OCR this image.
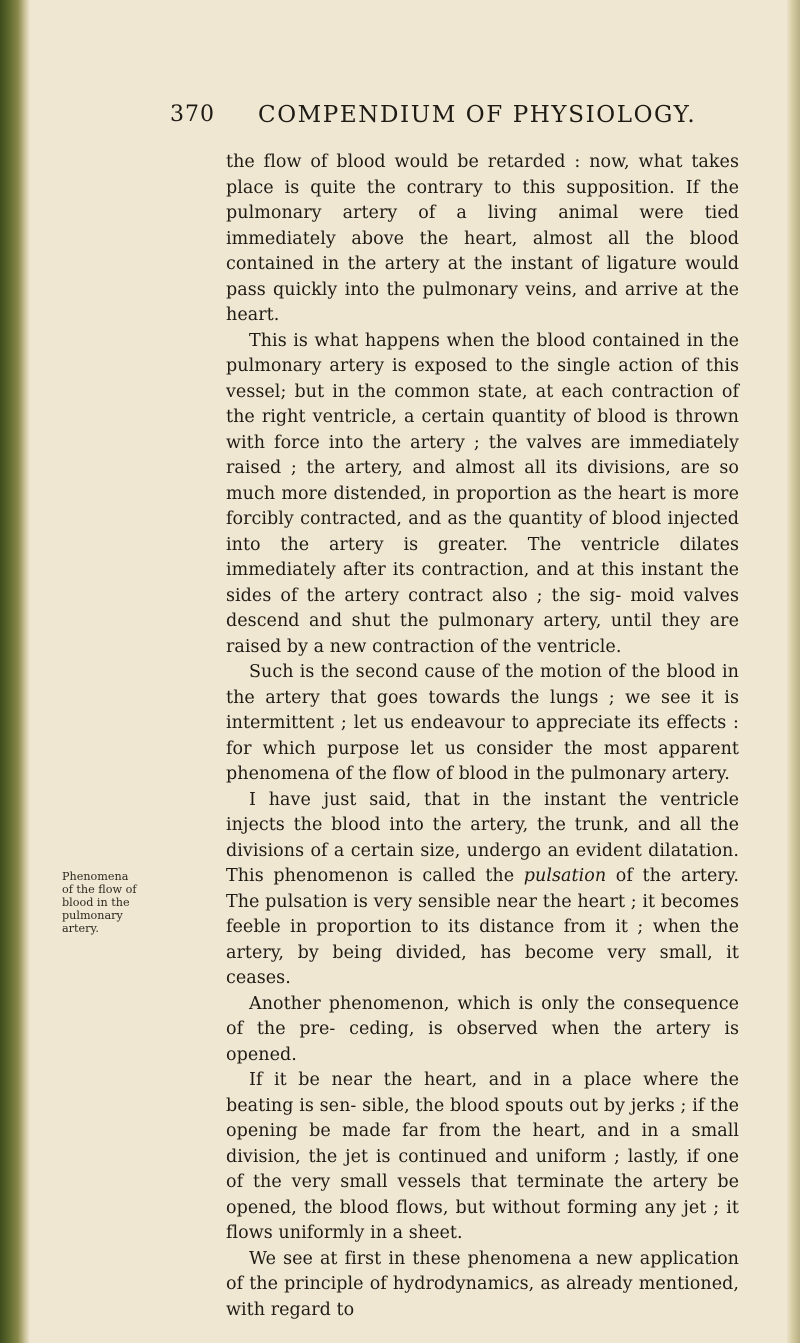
370 COMPENDIUM OF PHYSIOLOGY.
Phenomena of the flow of blood in the pulmonary artery.

the flow of blood would be retarded : now, what takes place is quite the contrary to this supposition. If the pulmonary artery of a living animal were tied immediately above the heart, almost all the blood contained in the artery at the instant of ligature would pass quickly into the pulmonary veins, and arrive at the heart.

This is what happens when the blood contained in the pulmonary artery is exposed to the single action of this vessel; but in the common state, at each contraction of the right ventricle, a certain quantity of blood is thrown with force into the artery ; the valves are immediately raised ; the artery, and almost all its divisions, are so much more distended, in proportion as the heart is more forcibly contracted, and as the quantity of blood injected into the artery is greater. The ventricle dilates immediately after its contraction, and at this instant the sides of the artery contract also ; the sig- moid valves descend and shut the pulmonary artery, until they are raised by a new contraction of the ventricle.

Such is the second cause of the motion of the blood in the artery that goes towards the lungs ; we see it is intermittent ; let us endeavour to appreciate its effects : for which purpose let us consider the most apparent phenomena of the flow of blood in the pulmonary artery.

I have just said, that in the instant the ventricle injects the blood into the artery, the trunk, and all the divisions of a certain size, undergo an evident dilatation. This phenomenon is called the pulsation of the artery. The pulsation is very sensible near the heart ; it becomes feeble in proportion to its distance from it ; when the artery, by being divided, has become very small, it ceases.

Another phenomenon, which is only the consequence of the pre- ceding, is observed when the artery is opened.

If it be near the heart, and in a place where the beating is sen- sible, the blood spouts out by jerks ; if the opening be made far from the heart, and in a small division, the jet is continued and uniform ; lastly, if one of the very small vessels that terminate the artery be opened, the blood flows, but without forming any jet ; it flows uniformly in a sheet.

We see at first in these phenomena a new application of the principle of hydrodynamics, as already mentioned, with regard to
